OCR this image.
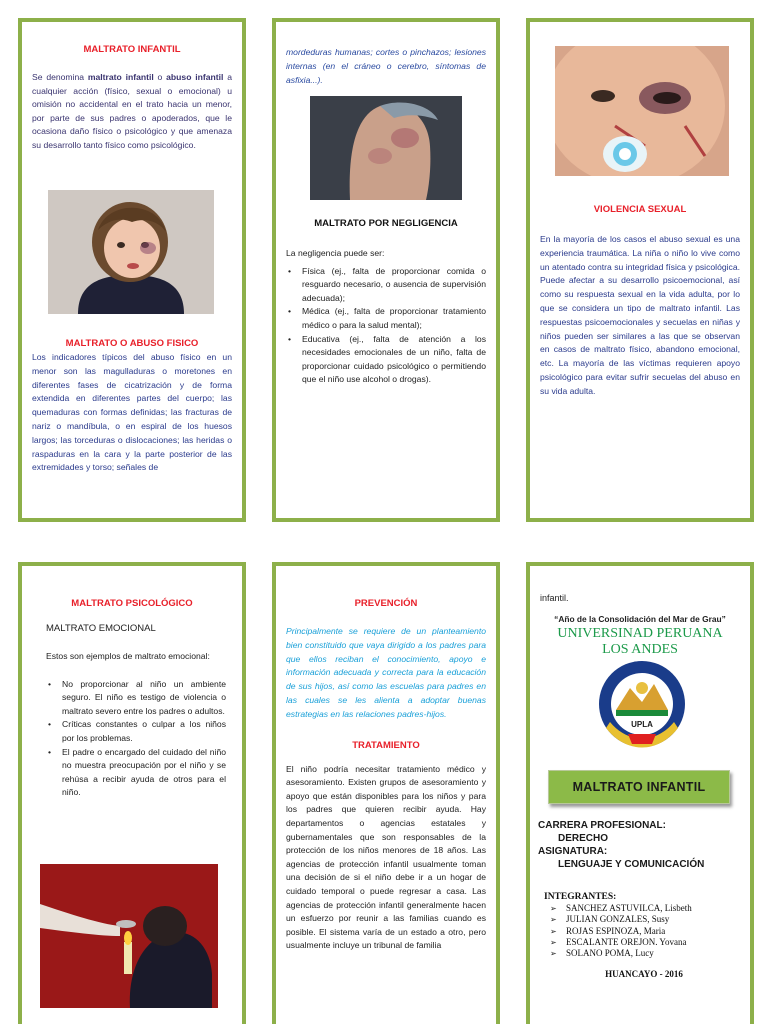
MALTRATO INFANTIL

Se denomina maltrato infantil o abuso infantil a cualquier acción (físico, sexual o emocional) u omisión no accidental en el trato hacia un menor, por parte de sus padres o apoderados, que le ocasiona daño físico o psicológico y que amenaza su desarrollo tanto físico como psicológico.

MALTRATO O ABUSO FISICO

Los indicadores típicos del abuso físico en un menor son las magulladuras o moretones en diferentes fases de cicatrización y de forma extendida en diferentes partes del cuerpo; las quemaduras con formas definidas; las fracturas de nariz o mandíbula, o en espiral de los huesos largos; las torceduras o dislocaciones; las heridas o raspaduras en la cara y la parte posterior de las extremidades y torso; señales de

mordeduras humanas; cortes o pinchazos; lesiones internas (en el cráneo o cerebro, síntomas de asfixia...).

MALTRATO POR NEGLIGENCIA

La negligencia puede ser:

• Física (ej., falta de proporcionar comida o resguardo necesario, o ausencia de supervisión adecuada);
• Médica (ej., falta de proporcionar tratamiento médico o para la salud mental);
• Educativa (ej., falta de atención a los necesidades emocionales de un niño, falta de proporcionar cuidado psicológico o permitiendo que el niño use alcohol o drogas).
VIOLENCIA SEXUAL

En la mayoría de los casos el abuso sexual es una experiencia traumática. La niña o niño lo vive como un atentado contra su integridad física y psicológica. Puede afectar a su desarrollo psicoemocional, así como su respuesta sexual en la vida adulta, por lo que se considera un tipo de maltrato infantil. Las respuestas psicoemocionales y secuelas en niñas y niños pueden ser similares a las que se observan en casos de maltrato físico, abandono emocional, etc. La mayoría de las víctimas requieren apoyo psicológico para evitar sufrir secuelas del abuso en su vida adulta.

MALTRATO PSICOLÓGICO
MALTRATO EMOCIONAL

Estos son ejemplos de maltrato emocional:

• No proporcionar al niño un ambiente seguro. El niño es testigo de violencia o maltrato severo entre los padres o adultos.
• Críticas constantes o culpar a los niños por los problemas.
• El padre o encargado del cuidado del niño no muestra preocupación por el niño y se rehúsa a recibir ayuda de otros para el niño.
PREVENCIÓN

Principalmente se requiere de un planteamiento bien constituido que vaya dirigido a los padres para que ellos reciban el conocimiento, apoyo e información adecuada y correcta para la educación de sus hijos, así como las escuelas para padres en las cuales se les alienta a adoptar buenas estrategias en las relaciones padres-hijos.

TRATAMIENTO

El niño podría necesitar tratamiento médico y asesoramiento. Existen grupos de asesoramiento y apoyo que están disponibles para los niños y para los padres que quieren recibir ayuda. Hay departamentos o agencias estatales y gubernamentales que son responsables de la protección de los niños menores de 18 años. Las agencias de protección infantil usualmente toman una decisión de si el niño debe ir a un hogar de cuidado temporal o puede regresar a casa. Las agencias de protección infantil generalmente hacen un esfuerzo por reunir a las familias cuando es posible. El sistema varía de un estado a otro, pero usualmente incluye un tribunal de familia

infantil.

“Año de la Consolidación del Mar de Grau”

UNIVERSINAD PERUANA
LOS ANDES
UNIVERSIDAD PERUANA LOS ANDES
UPLA
MALTRATO INFANTIL
CARRERA PROFESIONAL:
DERECHO
ASIGNATURA:
LENGUAJE Y COMUNICACIÓN
INTEGRANTES:
➢ SANCHEZ ASTUVILCA, Lisbeth
➢ JULIAN GONZALES, Susy
➢ ROJAS ESPINOZA, Maria
➢ ESCALANTE OREJON. Yovana
➢ SOLANO POMA, Lucy
HUANCAYO - 2016
